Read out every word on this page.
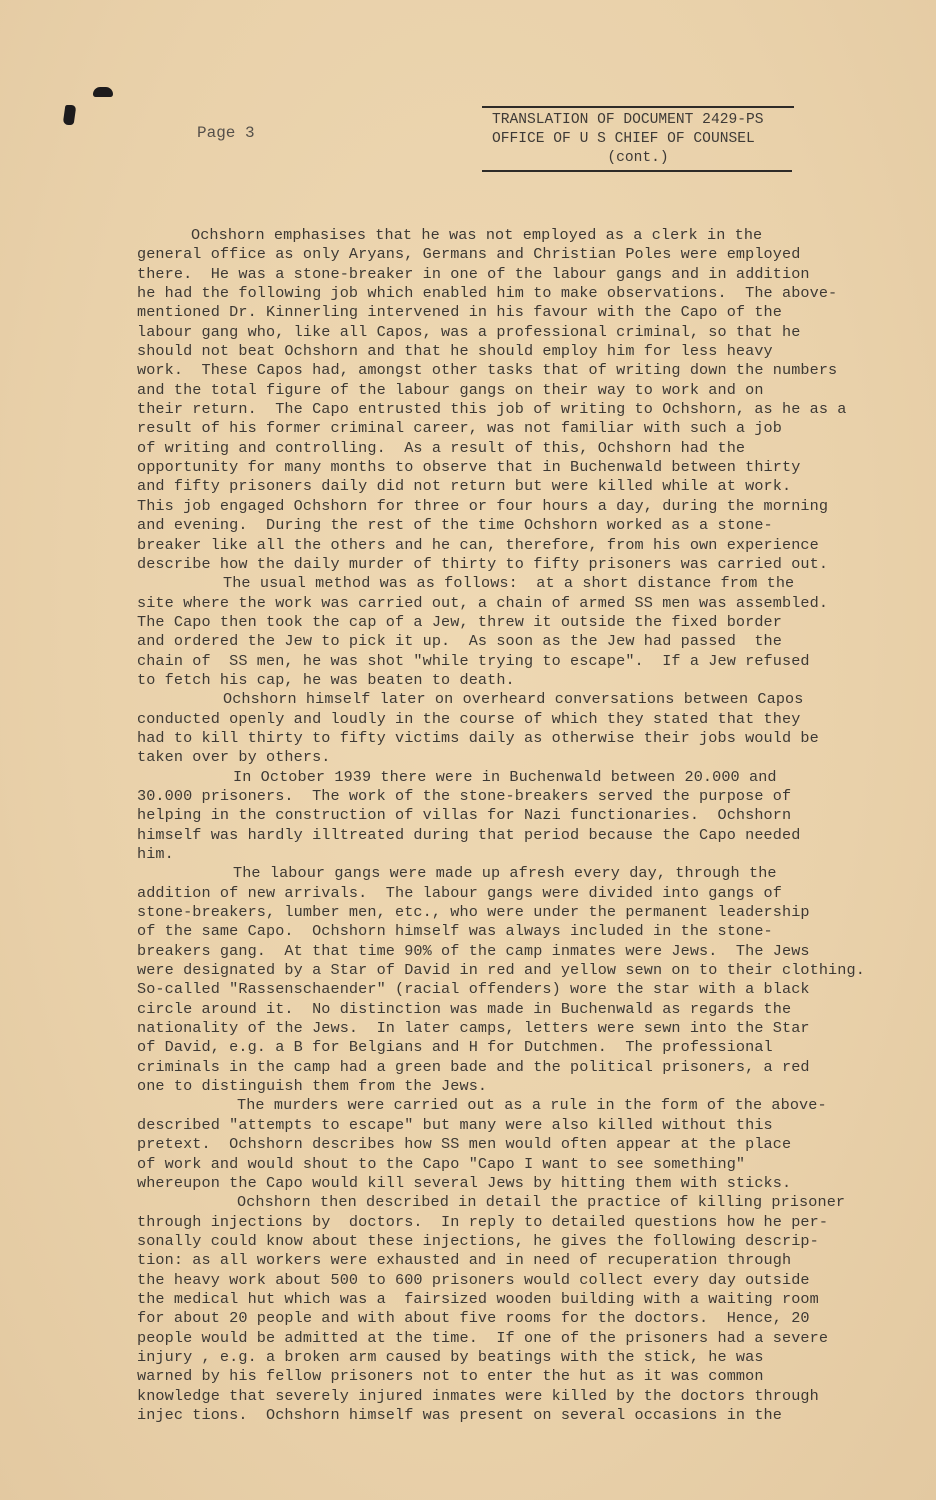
Page 3
TRANSLATION OF DOCUMENT 2429-PS
OFFICE OF U S CHIEF OF COUNSEL
(cont.)
Ochshorn emphasises that he was not employed as a clerk in the
general office as only Aryans, Germans and Christian Poles were employed
there.  He was a stone-breaker in one of the labour gangs and in addition
he had the following job which enabled him to make observations.  The above-
mentioned Dr. Kinnerling intervened in his favour with the Capo of the
labour gang who, like all Capos, was a professional criminal, so that he
should not beat Ochshorn and that he should employ him for less heavy
work.  These Capos had, amongst other tasks that of writing down the numbers
and the total figure of the labour gangs on their way to work and on
their return.  The Capo entrusted this job of writing to Ochshorn, as he as a
result of his former criminal career, was not familiar with such a job
of writing and controlling.  As a result of this, Ochshorn had the
opportunity for many months to observe that in Buchenwald between thirty
and fifty prisoners daily did not return but were killed while at work.
This job engaged Ochshorn for three or four hours a day, during the morning
and evening.  During the rest of the time Ochshorn worked as a stone-
breaker like all the others and he can, therefore, from his own experience
describe how the daily murder of thirty to fifty prisoners was carried out.
The usual method was as follows:  at a short distance from the
site where the work was carried out, a chain of armed SS men was assembled.
The Capo then took the cap of a Jew, threw it outside the fixed border
and ordered the Jew to pick it up.  As soon as the Jew had passed  the
chain of  SS men, he was shot "while trying to escape".  If a Jew refused
to fetch his cap, he was beaten to death.
Ochshorn himself later on overheard conversations between Capos
conducted openly and loudly in the course of which they stated that they
had to kill thirty to fifty victims daily as otherwise their jobs would be
taken over by others.
In October 1939 there were in Buchenwald between 20.000 and
30.000 prisoners.  The work of the stone-breakers served the purpose of
helping in the construction of villas for Nazi functionaries.  Ochshorn
himself was hardly illtreated during that period because the Capo needed
him.
The labour gangs were made up afresh every day, through the
addition of new arrivals.  The labour gangs were divided into gangs of
stone-breakers, lumber men, etc., who were under the permanent leadership
of the same Capo.  Ochshorn himself was always included in the stone-
breakers gang.  At that time 90% of the camp inmates were Jews.  The Jews
were designated by a Star of David in red and yellow sewn on to their clothing.
So-called "Rassenschaender" (racial offenders) wore the star with a black
circle around it.  No distinction was made in Buchenwald as regards the
nationality of the Jews.  In later camps, letters were sewn into the Star
of David, e.g. a B for Belgians and H for Dutchmen.  The professional
criminals in the camp had a green bade and the political prisoners, a red
one to distinguish them from the Jews.
The murders were carried out as a rule in the form of the above-
described "attempts to escape" but many were also killed without this
pretext.  Ochshorn describes how SS men would often appear at the place
of work and would shout to the Capo "Capo I want to see something"
whereupon the Capo would kill several Jews by hitting them with sticks.
Ochshorn then described in detail the practice of killing prisoner
through injections by  doctors.  In reply to detailed questions how he per-
sonally could know about these injections, he gives the following descrip-
tion: as all workers were exhausted and in need of recuperation through
the heavy work about 500 to 600 prisoners would collect every day outside
the medical hut which was a  fairsized wooden building with a waiting room
for about 20 people and with about five rooms for the doctors.  Hence, 20
people would be admitted at the time.  If one of the prisoners had a severe
injury , e.g. a broken arm caused by beatings with the stick, he was
warned by his fellow prisoners not to enter the hut as it was common
knowledge that severely injured inmates were killed by the doctors through
injec tions.  Ochshorn himself was present on several occasions in the
